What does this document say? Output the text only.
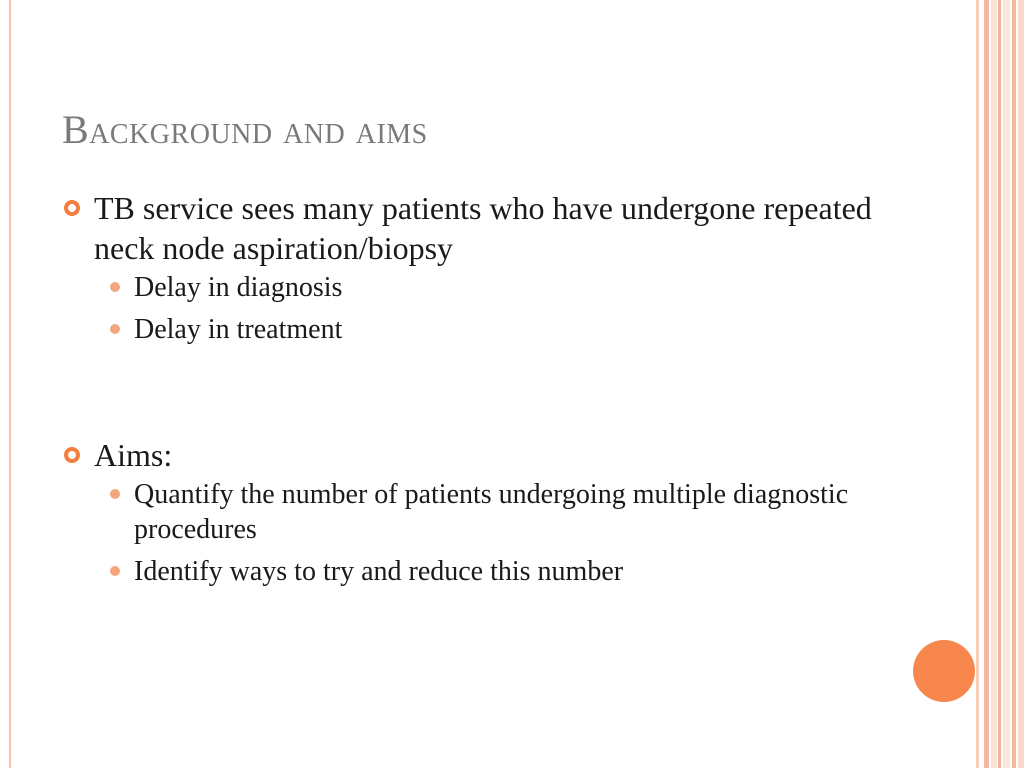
Background and aims
TB service sees many patients who have undergone repeated neck node aspiration/biopsy
Delay in diagnosis
Delay in treatment
Aims:
Quantify the number of patients undergoing multiple diagnostic procedures
Identify ways to try and reduce this number
